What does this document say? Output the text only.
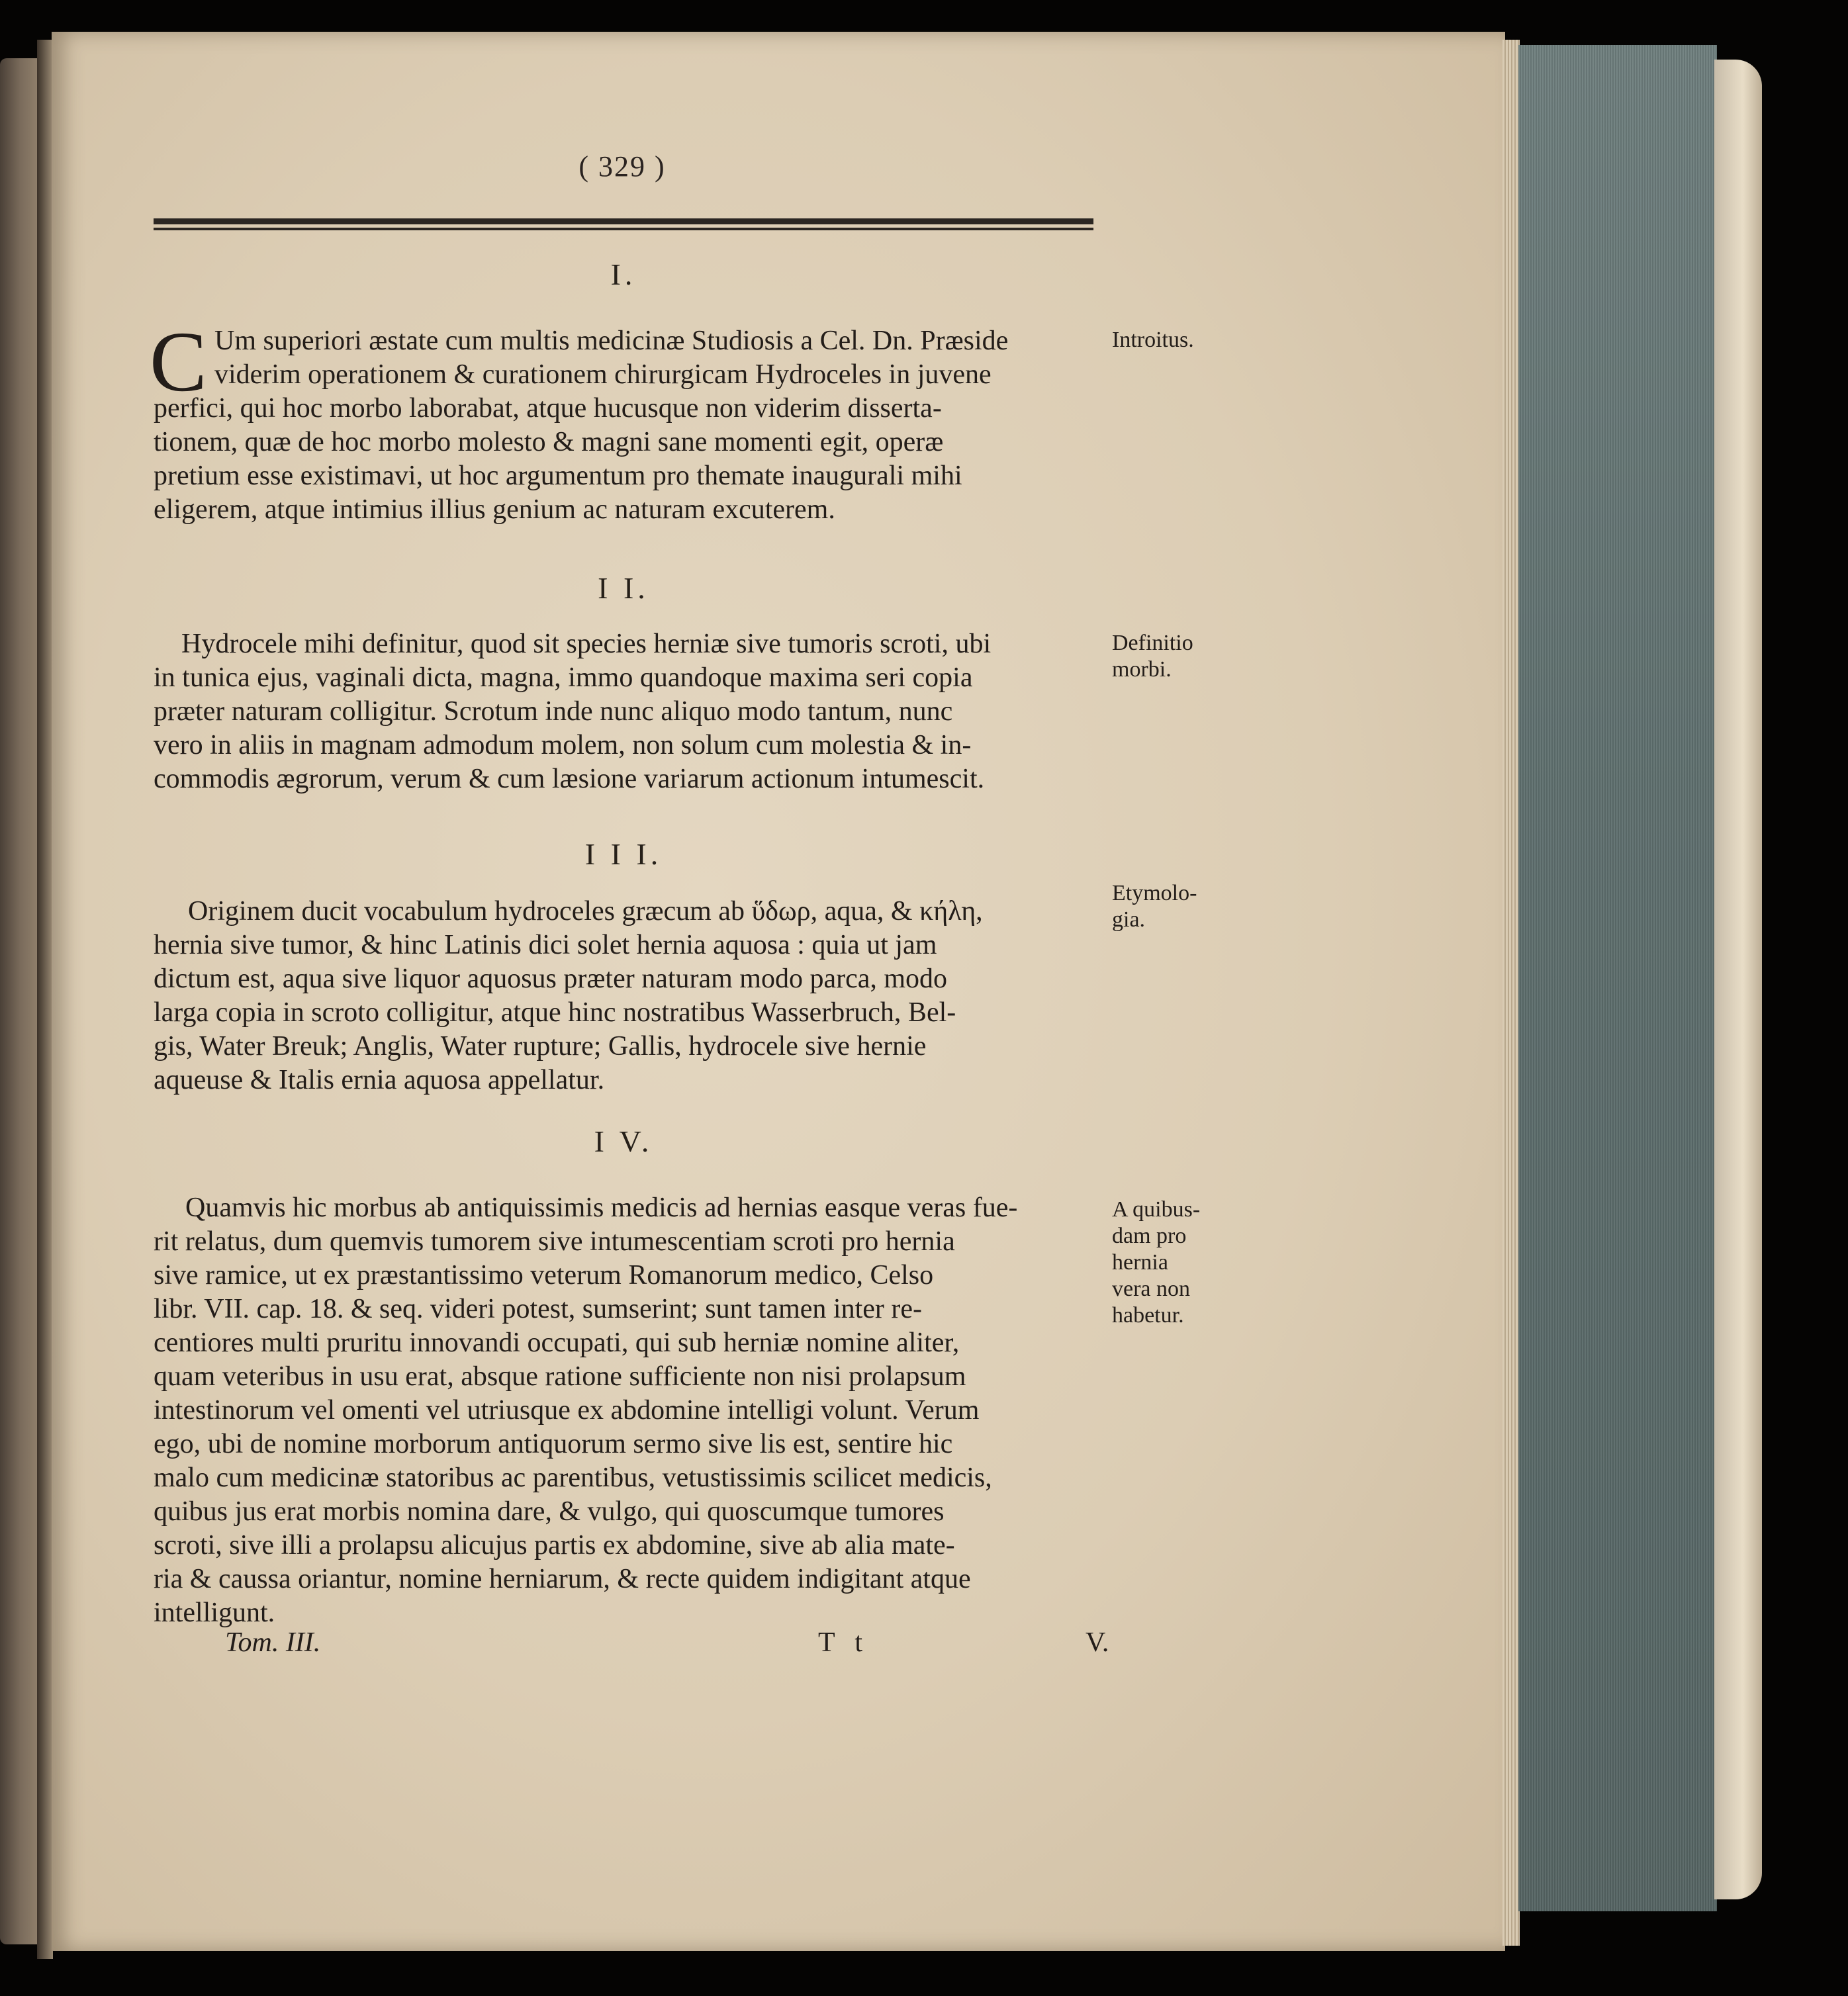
( 329 )
I.
C	Introitus.
Um superiori æstate cum multis medicinæ Studiosis a Cel. Dn. Præside
viderim operationem & curationem chirurgicam Hydroceles in juvene
perfici, qui hoc morbo laborabat, atque hucusque non viderim disserta-
tionem, quæ de hoc morbo molesto & magni sane momenti egit, operæ
pretium esse existimavi, ut hoc argumentum pro themate inaugurali mihi
eligerem, atque intimius illius genium ac naturam excuterem.
I I.
Definitio
morbi.
Hydrocele mihi definitur, quod sit species herniæ sive tumoris scroti, ubi
in tunica ejus, vaginali dicta, magna, immo quandoque maxima seri copia
præter naturam colligitur. Scrotum inde nunc aliquo modo tantum, nunc
vero in aliis in magnam admodum molem, non solum cum molestia & in-
commodis ægrorum, verum & cum læsione variarum actionum intumescit.
I I I.
Etymolo-
gia.
Originem ducit vocabulum hydroceles græcum ab ὕδωρ, aqua, & κήλη,
hernia sive tumor, & hinc Latinis dici solet hernia aquosa : quia ut jam
dictum est, aqua sive liquor aquosus præter naturam modo parca, modo
larga copia in scroto colligitur, atque hinc nostratibus Wasserbruch, Bel-
gis, Water Breuk; Anglis, Water rupture; Gallis, hydrocele sive hernie
aqueuse & Italis ernia aquosa appellatur.
I V.
A quibus-
dam pro
hernia
vera non
habetur.
Quamvis hic morbus ab antiquissimis medicis ad hernias easque veras fue-
rit relatus, dum quemvis tumorem sive intumescentiam scroti pro hernia
sive ramice, ut ex præstantissimo veterum Romanorum medico, Celso
libr. VII. cap. 18. & seq. videri potest, sumserint; sunt tamen inter re-
centiores multi pruritu innovandi occupati, qui sub herniæ nomine aliter,
quam veteribus in usu erat, absque ratione sufficiente non nisi prolapsum
intestinorum vel omenti vel utriusque ex abdomine intelligi volunt. Verum
ego, ubi de nomine morborum antiquorum sermo sive lis est, sentire hic
malo cum medicinæ statoribus ac parentibus, vetustissimis scilicet medicis,
quibus jus erat morbis nomina dare, & vulgo, qui quoscumque tumores
scroti, sive illi a prolapsu alicujus partis ex abdomine, sive ab alia mate-
ria & caussa oriantur, nomine herniarum, & recte quidem indigitant atque
intelligunt.
Tom. III.	T t	V.
